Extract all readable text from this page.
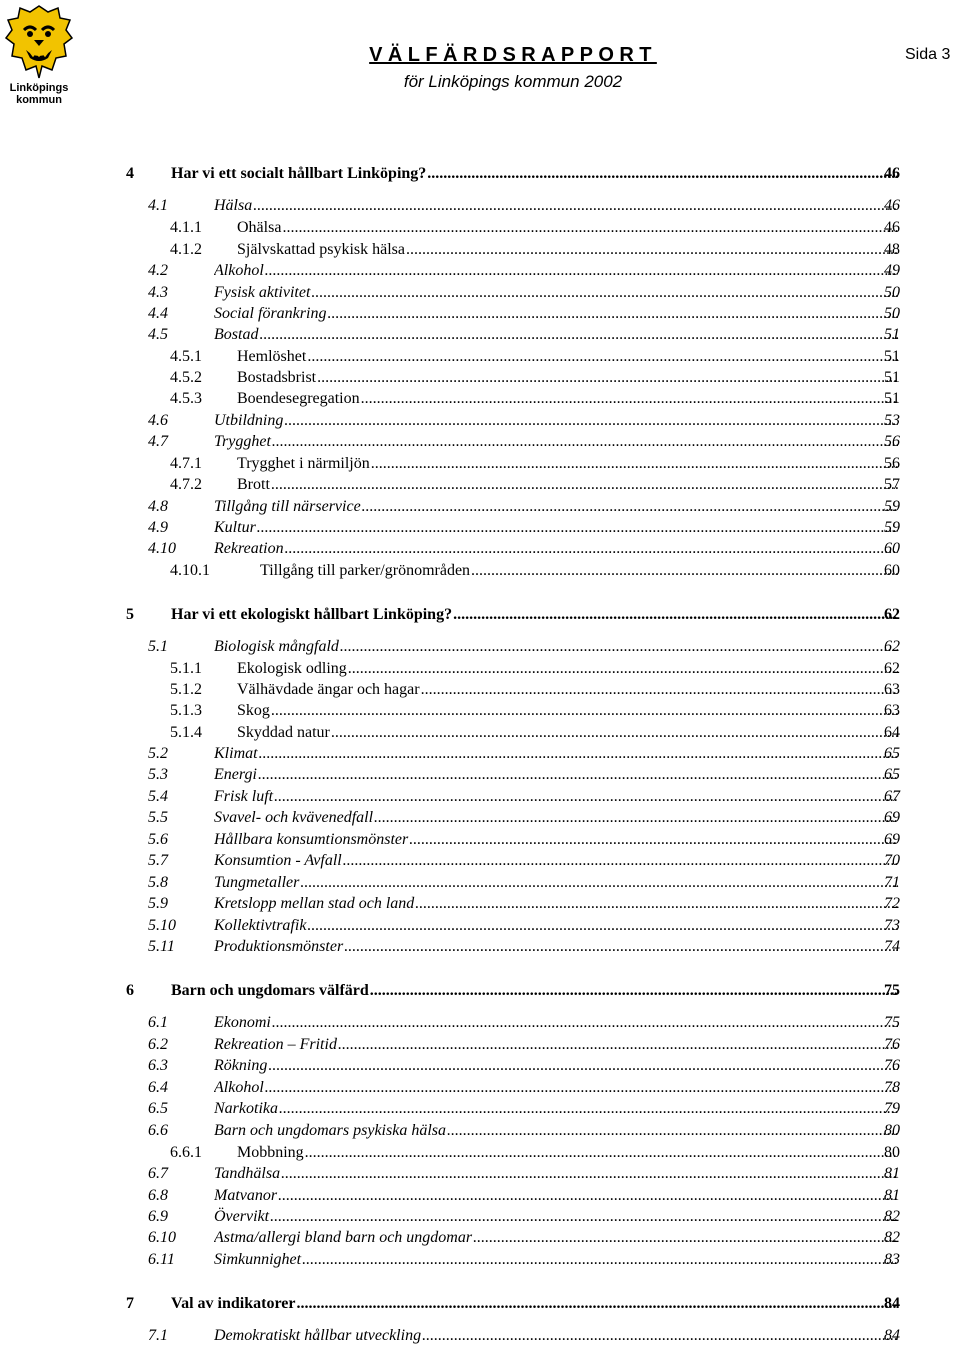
Linköpings kommun
VÄLFÄRDSRAPPORT
för Linköpings kommun 2002
Sida 3
4 Har vi ett socialt hållbart Linköping? .....	46
4.1	Hälsa .....	46
4.1.1 Ohälsa .....	46
4.1.2 Självskattad psykisk hälsa .....	48
4.2	Alkohol .....	49
4.3	Fysisk aktivitet .....	50
4.4	Social förankring .....	50
4.5	Bostad .....	51
4.5.1 Hemlöshet .....	51
4.5.2 Bostadsbrist .....	51
4.5.3 Boendesegregation .....	51
4.6	Utbildning .....	53
4.7	Trygghet .....	56
4.7.1 Trygghet i närmiljön .....	56
4.7.2 Brott .....	57
4.8	Tillgång till närservice .....	59
4.9	Kultur .....	59
4.10 Rekreation .....	60
4.10.1	Tillgång till parker/grönområden .....	60
5 Har vi ett ekologiskt hållbart Linköping? .....	62
5.1	Biologisk mångfald .....	62
5.1.1 Ekologisk odling .....	62
5.1.2 Välhävdade ängar och hagar .....	63
5.1.3 Skog .....	63
5.1.4 Skyddad natur .....	64
5.2	Klimat .....	65
5.3	Energi .....	65
5.4	Frisk luft .....	67
5.5	Svavel- och kvävenedfall .....	69
5.6	Hållbara konsumtionsmönster .....	69
5.7	Konsumtion - Avfall .....	70
5.8	Tungmetaller .....	71
5.9	Kretslopp mellan stad och land .....	72
5.10 Kollektivtrafik .....	73
5.11 Produktionsmönster .....	74
6 Barn och ungdomars välfärd .....	75
6.1	Ekonomi .....	75
6.2	Rekreation – Fritid .....	76
6.3	Rökning .....	76
6.4	Alkohol .....	78
6.5	Narkotika .....	79
6.6	Barn och ungdomars psykiska hälsa .....	80
6.6.1 Mobbning .....	80
6.7	Tandhälsa .....	81
6.8	Matvanor .....	81
6.9	Övervikt .....	82
6.10 Astma/allergi bland barn och ungdomar .....	82
6.11 Simkunnighet .....	83
7 Val av indikatorer .....	84
7.1	Demokratiskt hållbar utveckling .....	84
